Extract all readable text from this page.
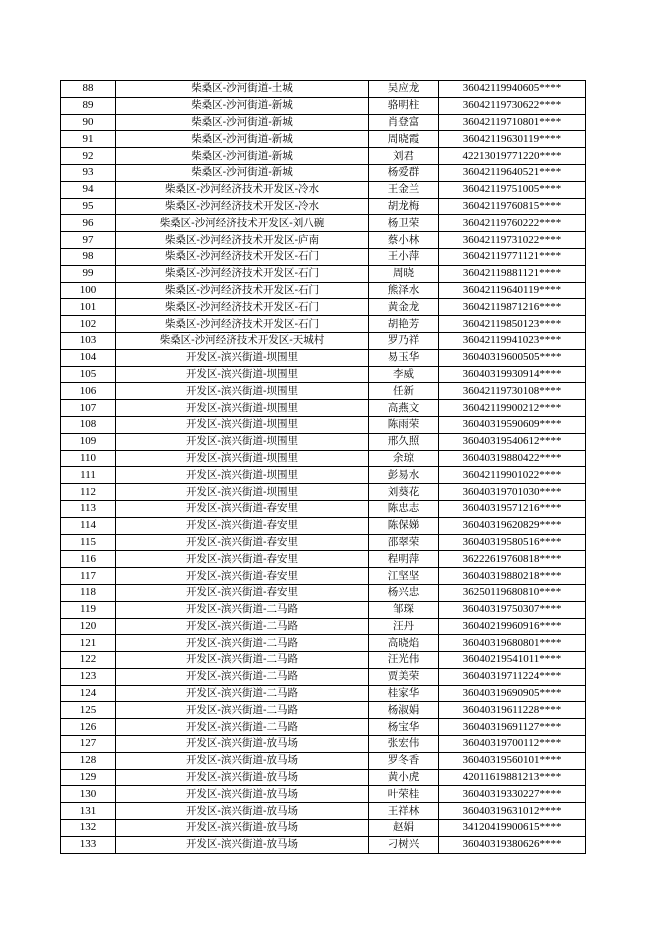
88	柴桑区-沙河街道-土城	吴应龙	36042119940605****
89	柴桑区-沙河街道-新城	骆明柱	36042119730622****
90	柴桑区-沙河街道-新城	肖登富	36042119710801****
91	柴桑区-沙河街道-新城	周晓霞	36042119630119****
92	柴桑区-沙河街道-新城	刘君	42213019771220****
93	柴桑区-沙河街道-新城	杨爱群	36042119640521****
94	柴桑区-沙河经济技术开发区-冷水	王金兰	36042119751005****
95	柴桑区-沙河经济技术开发区-冷水	胡龙梅	36042119760815****
96	柴桑区-沙河经济技术开发区-刘八碗	杨卫荣	36042119760222****
97	柴桑区-沙河经济技术开发区-庐南	蔡小林	36042119731022****
98	柴桑区-沙河经济技术开发区-石门	王小萍	36042119771121****
99	柴桑区-沙河经济技术开发区-石门	周晓	36042119881121****
100	柴桑区-沙河经济技术开发区-石门	熊泽水	36042119640119****
101	柴桑区-沙河经济技术开发区-石门	黄金龙	36042119871216****
102	柴桑区-沙河经济技术开发区-石门	胡艳芳	36042119850123****
103	柴桑区-沙河经济技术开发区-天城村	罗乃祥	36042119941023****
104	开发区-滨兴街道-坝围里	易玉华	36040319600505****
105	开发区-滨兴街道-坝围里	李威	36040319930914****
106	开发区-滨兴街道-坝围里	任新	36042119730108****
107	开发区-滨兴街道-坝围里	高燕文	36042119900212****
108	开发区-滨兴街道-坝围里	陈雨荣	36040319590609****
109	开发区-滨兴街道-坝围里	邢久照	36040319540612****
110	开发区-滨兴街道-坝围里	余琼	36040319880422****
111	开发区-滨兴街道-坝围里	彭易水	36042119901022****
112	开发区-滨兴街道-坝围里	刘葵花	36040319701030****
113	开发区-滨兴街道-春安里	陈忠志	36040319571216****
114	开发区-滨兴街道-春安里	陈保娣	36040319620829****
115	开发区-滨兴街道-春安里	邵翠荣	36040319580516****
116	开发区-滨兴街道-春安里	程明萍	36222619760818****
117	开发区-滨兴街道-春安里	江坚坚	36040319880218****
118	开发区-滨兴街道-春安里	杨兴忠	36250119680810****
119	开发区-滨兴街道-二马路	邹琛	36040319750307****
120	开发区-滨兴街道-二马路	汪丹	36040219960916****
121	开发区-滨兴街道-二马路	高晓焰	36040319680801****
122	开发区-滨兴街道-二马路	汪光伟	36040219541011****
123	开发区-滨兴街道-二马路	贾美荣	36040319711224****
124	开发区-滨兴街道-二马路	桂家华	36040319690905****
125	开发区-滨兴街道-二马路	杨淑娟	36040319611228****
126	开发区-滨兴街道-二马路	杨宝华	36040319691127****
127	开发区-滨兴街道-放马场	张宏伟	36040319700112****
128	开发区-滨兴街道-放马场	罗冬香	36040319560101****
129	开发区-滨兴街道-放马场	黄小虎	42011619881213****
130	开发区-滨兴街道-放马场	叶荣桂	36040319330227****
131	开发区-滨兴街道-放马场	王祥林	36040319631012****
132	开发区-滨兴街道-放马场	赵娟	34120419900615****
133	开发区-滨兴街道-放马场	刁树兴	36040319380626****
